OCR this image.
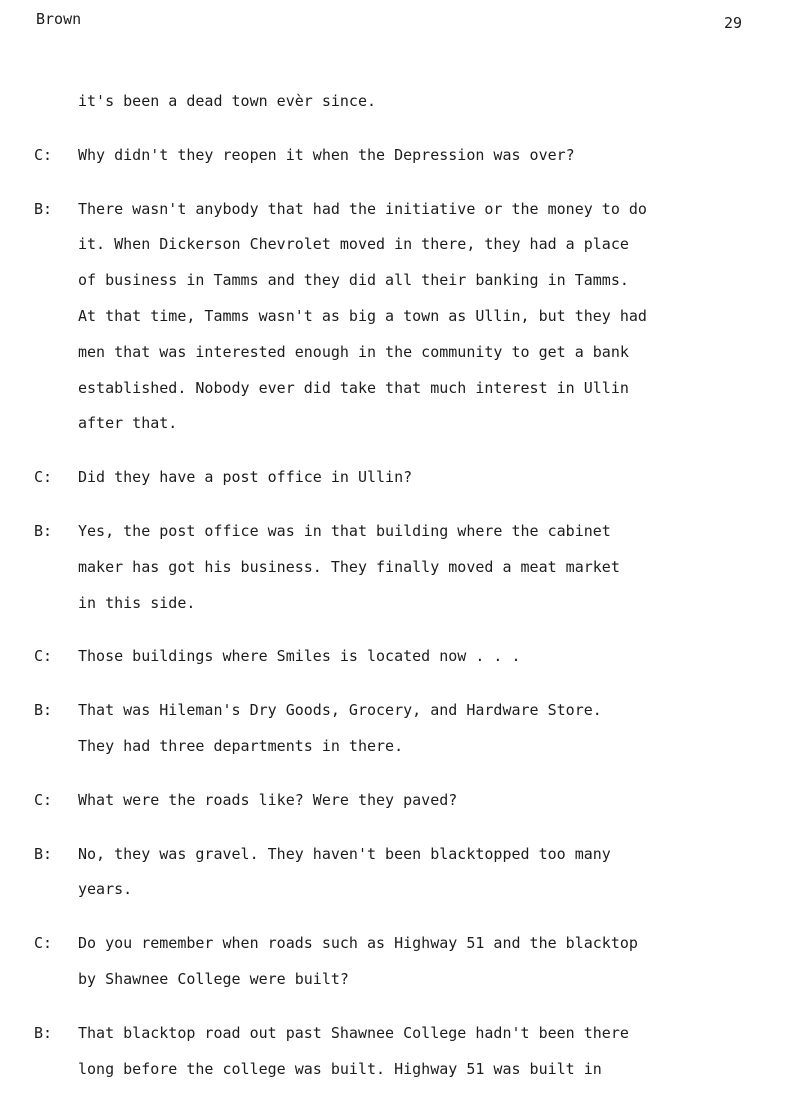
Brown	29
it's been a dead town evèr since.
C: Why didn't they reopen it when the Depression was over?
B: There wasn't anybody that had the initiative or the money to do
it. When Dickerson Chevrolet moved in there, they had a place
of business in Tamms and they did all their banking in Tamms.
At that time, Tamms wasn't as big a town as Ullin, but they had
men that was interested enough in the community to get a bank
established. Nobody ever did take that much interest in Ullin
after that.
C: Did they have a post office in Ullin?
B: Yes, the post office was in that building where the cabinet
maker has got his business. They finally moved a meat market
in this side.
C: Those buildings where Smiles is located now . . .
B: That was Hileman's Dry Goods, Grocery, and Hardware Store.
They had three departments in there.
C: What were the roads like? Were they paved?
B: No, they was gravel. They haven't been blacktopped too many
years.
C: Do you remember when roads such as Highway 51 and the blacktop
by Shawnee College were built?
B: That blacktop road out past Shawnee College hadn't been there
long before the college was built. Highway 51 was built in
